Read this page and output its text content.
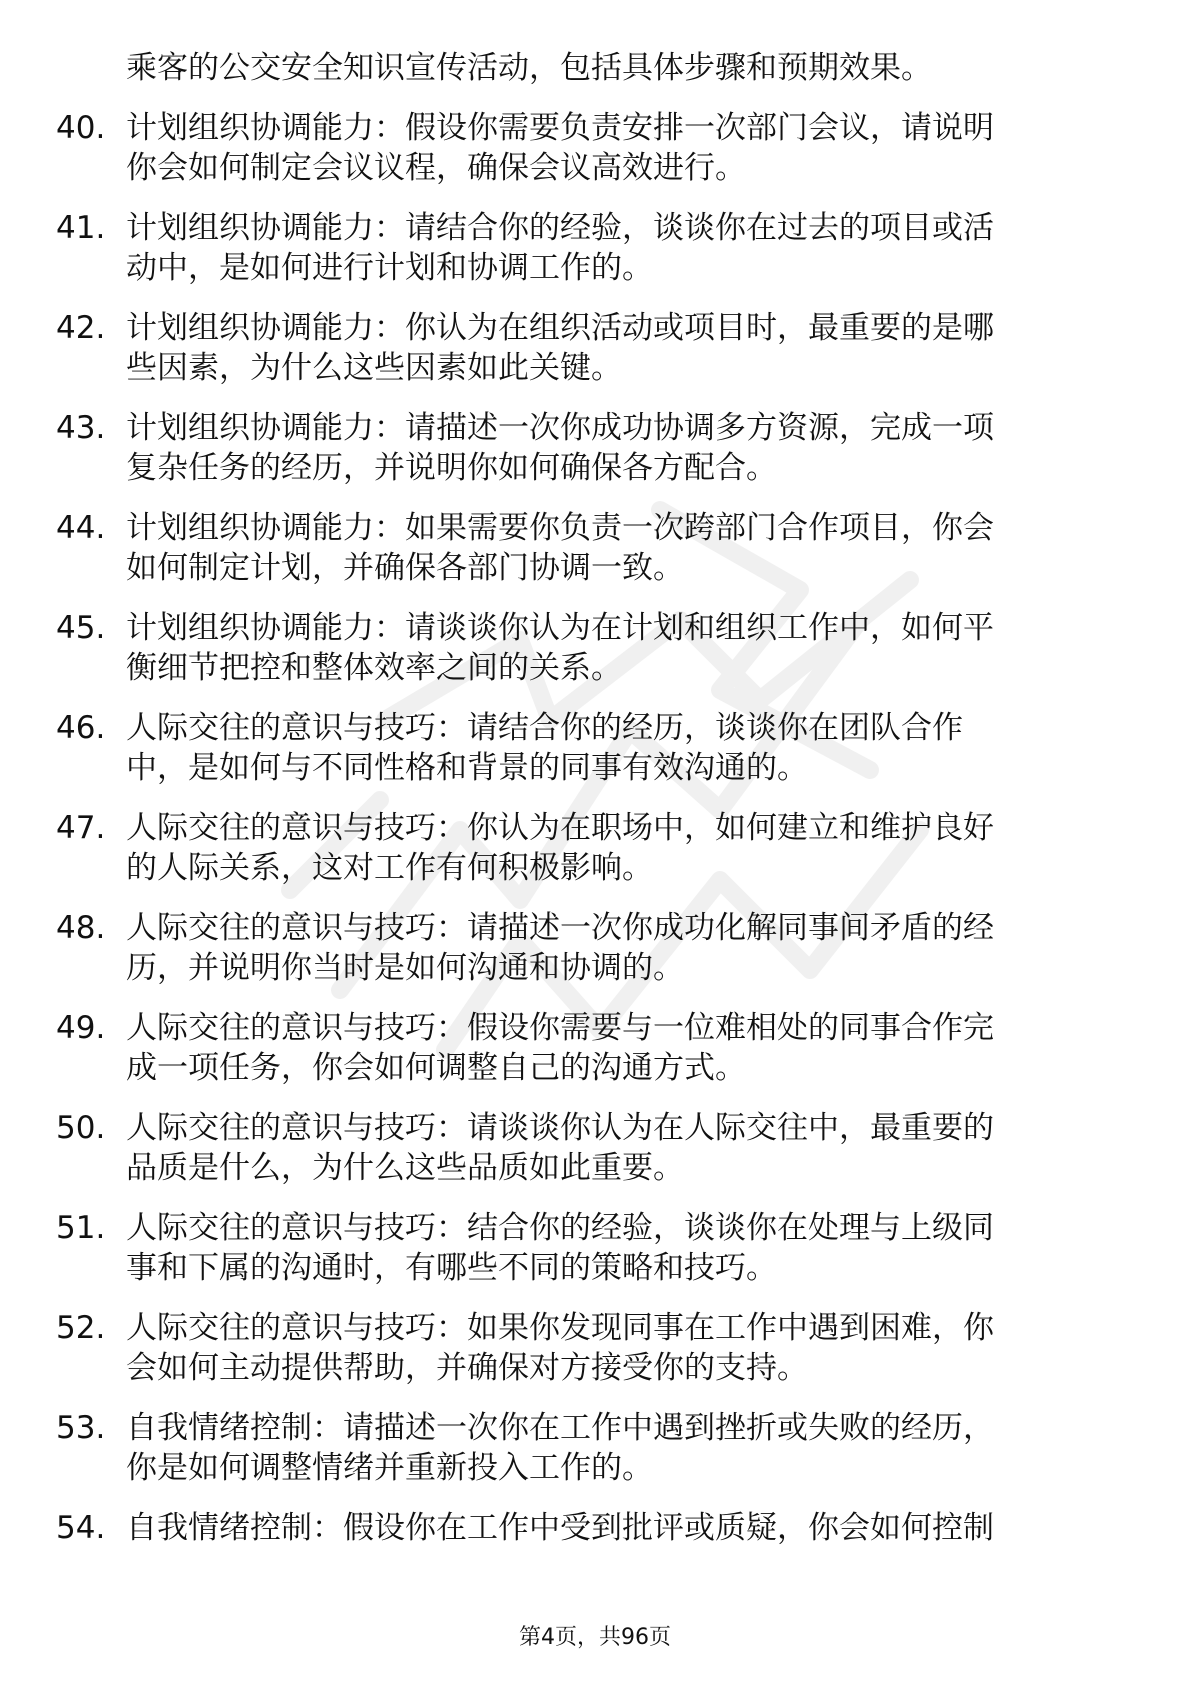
乘客的公交安全知识宣传活动，包括具体步骤和预期效果。
40. 计划组织协调能力：假设你需要负责安排一次部门会议，请说明
你会如何制定会议议程，确保会议高效进行。
41. 计划组织协调能力：请结合你的经验，谈谈你在过去的项目或活
动中，是如何进行计划和协调工作的。
42. 计划组织协调能力：你认为在组织活动或项目时，最重要的是哪
些因素，为什么这些因素如此关键。
43. 计划组织协调能力：请描述一次你成功协调多方资源，完成一项
复杂任务的经历，并说明你如何确保各方配合。
44. 计划组织协调能力：如果需要你负责一次跨部门合作项目，你会
如何制定计划，并确保各部门协调一致。
45. 计划组织协调能力：请谈谈你认为在计划和组织工作中，如何平
衡细节把控和整体效率之间的关系。
46. 人际交往的意识与技巧：请结合你的经历，谈谈你在团队合作
中，是如何与不同性格和背景的同事有效沟通的。
47. 人际交往的意识与技巧：你认为在职场中，如何建立和维护良好
的人际关系，这对工作有何积极影响。
48. 人际交往的意识与技巧：请描述一次你成功化解同事间矛盾的经
历，并说明你当时是如何沟通和协调的。
49. 人际交往的意识与技巧：假设你需要与一位难相处的同事合作完
成一项任务，你会如何调整自己的沟通方式。
50. 人际交往的意识与技巧：请谈谈你认为在人际交往中，最重要的
品质是什么，为什么这些品质如此重要。
51. 人际交往的意识与技巧：结合你的经验，谈谈你在处理与上级同
事和下属的沟通时，有哪些不同的策略和技巧。
52. 人际交往的意识与技巧：如果你发现同事在工作中遇到困难，你
会如何主动提供帮助，并确保对方接受你的支持。
53. 自我情绪控制：请描述一次你在工作中遇到挫折或失败的经历，
你是如何调整情绪并重新投入工作的。
54. 自我情绪控制：假设你在工作中受到批评或质疑，你会如何控制
第4页，共96页
